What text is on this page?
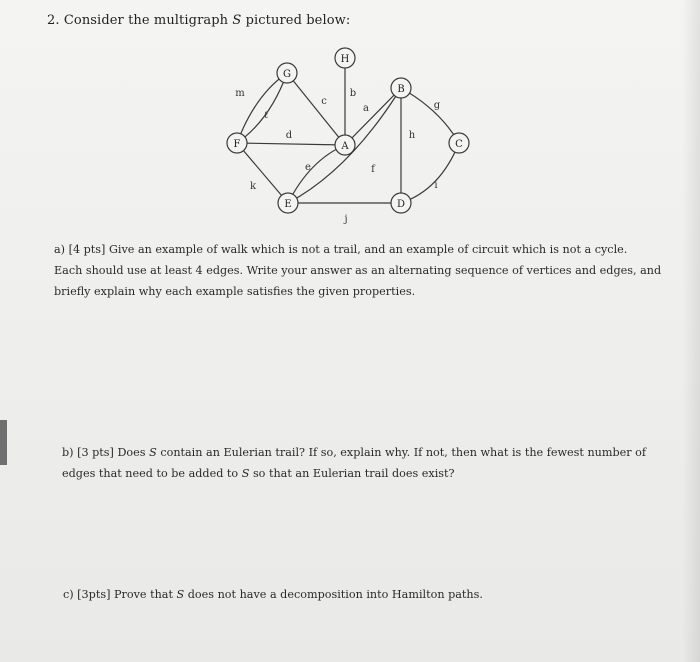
2. Consider the multigraph S pictured below:
H
G
B
F	A	C
E	D
m
ℓ
c
b
a	g
d	h
e	f
k	i
j
a) [4 pts] Give an example of walk which is not a trail, and an example of circuit which is not a cycle.
Each should use at least 4 edges. Write your answer as an alternating sequence of vertices and edges, and
briefly explain why each example satisfies the given properties.
b) [3 pts] Does S contain an Eulerian trail? If so, explain why. If not, then what is the fewest number of
edges that need to be added to S so that an Eulerian trail does exist?
c) [3pts] Prove that S does not have a decomposition into Hamilton paths.
